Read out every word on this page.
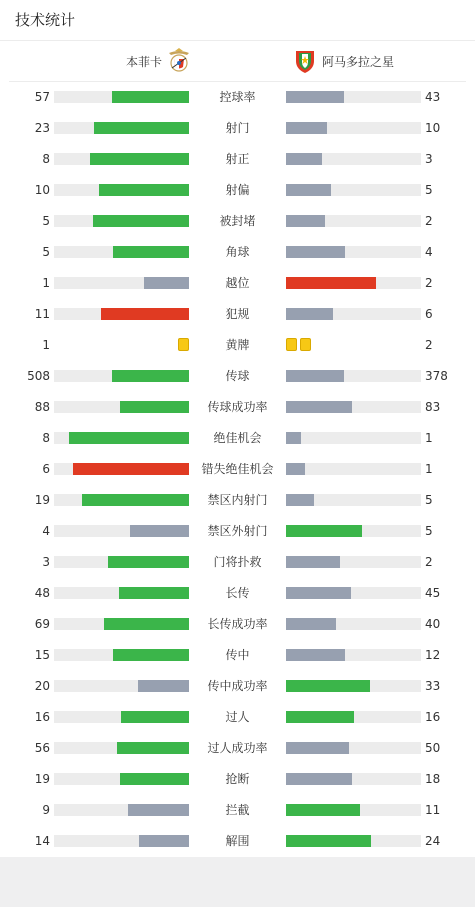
技术统计
本菲卡	阿马多拉之星
57	控球率	43
23	射门	10
8	射正	3
10	射偏	5
5	被封堵	2
5	角球	4
1	越位	2
11	犯规	6
1	黄牌	2
508	传球	378
88	传球成功率	83
8	绝佳机会	1
6	错失绝佳机会	1
19	禁区内射门	5
4	禁区外射门	5
3	门将扑救	2
48	长传	45
69	长传成功率	40
15	传中	12
20	传中成功率	33
16	过人	16
56	过人成功率	50
19	抢断	18
9	拦截	11
14	解围	24
